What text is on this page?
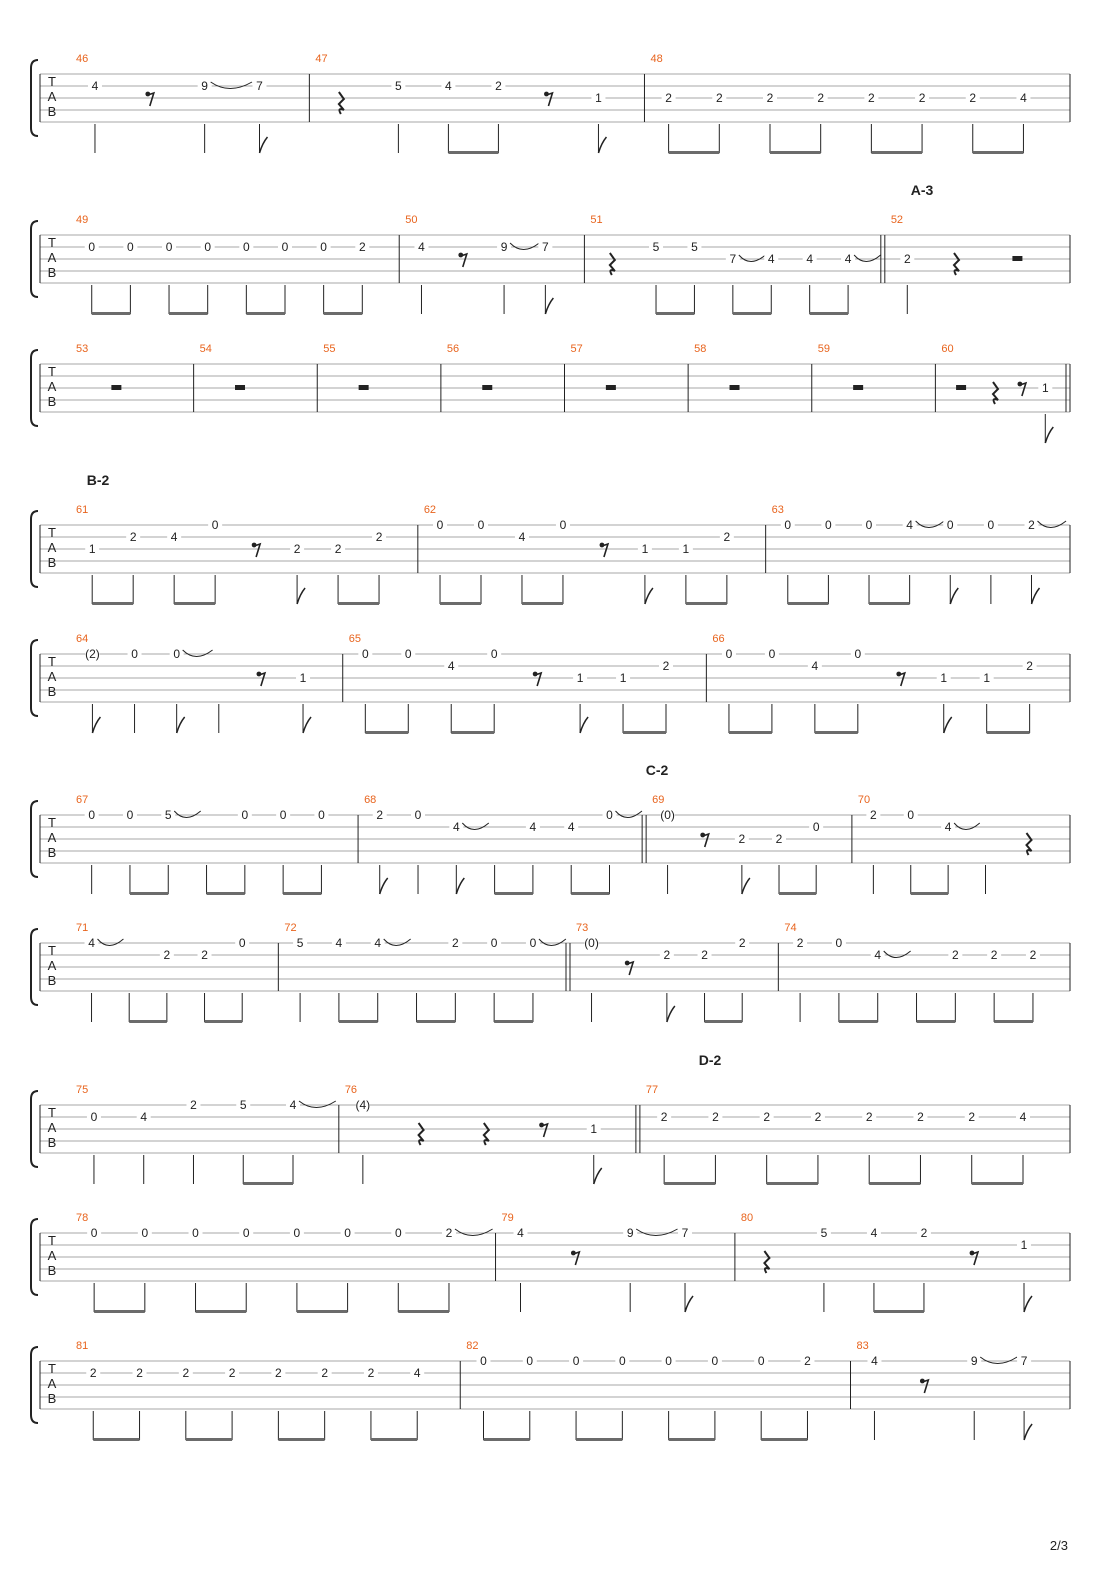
T
A
B
46
4	9	7
47
5	4	2
1
48
2	2	2	2	2	2	2	4
T
A
B
A-3
49
0	0	0	0	0	0	0	2
50
4	9	7
51
5	5
7	4	4	4
52
2
T
A
B
53	54	55	56	57	58	59	60
1
T
A
B
B-2
61
1
2	4
0
2	2
2
62
0	0
4
0
1	1
2
63
0	0	0	4	0	0	2
T
A
B
64
(2)	0	0
1
65
0	0
4
0
1	1
2
66
0	0
4
0
1	1
2
T
A
B
C-2
67
0	0	5	0	0	0
68
2	0
4	4	4
0
69
(0)
2	2
0
70
2	0
4
T
A
B
71
4
2	2
0
72
5	4	4	2	0	0
73
(0)
2	2
2
74
2	0
4	2	2	2
T
A
B
D-2
75
0	4
2	5	4
76
(4)
1
77
2	2	2	2	2	2	2	4
T
A
B
78
0	0	0	0	0	0	0	2
79
4	9	7
80
5	4	2
1
T
A
B
81
2	2	2	2	2	2	2	4
82
0	0	0	0	0	0	0	2
83
4	9	7
2/3
